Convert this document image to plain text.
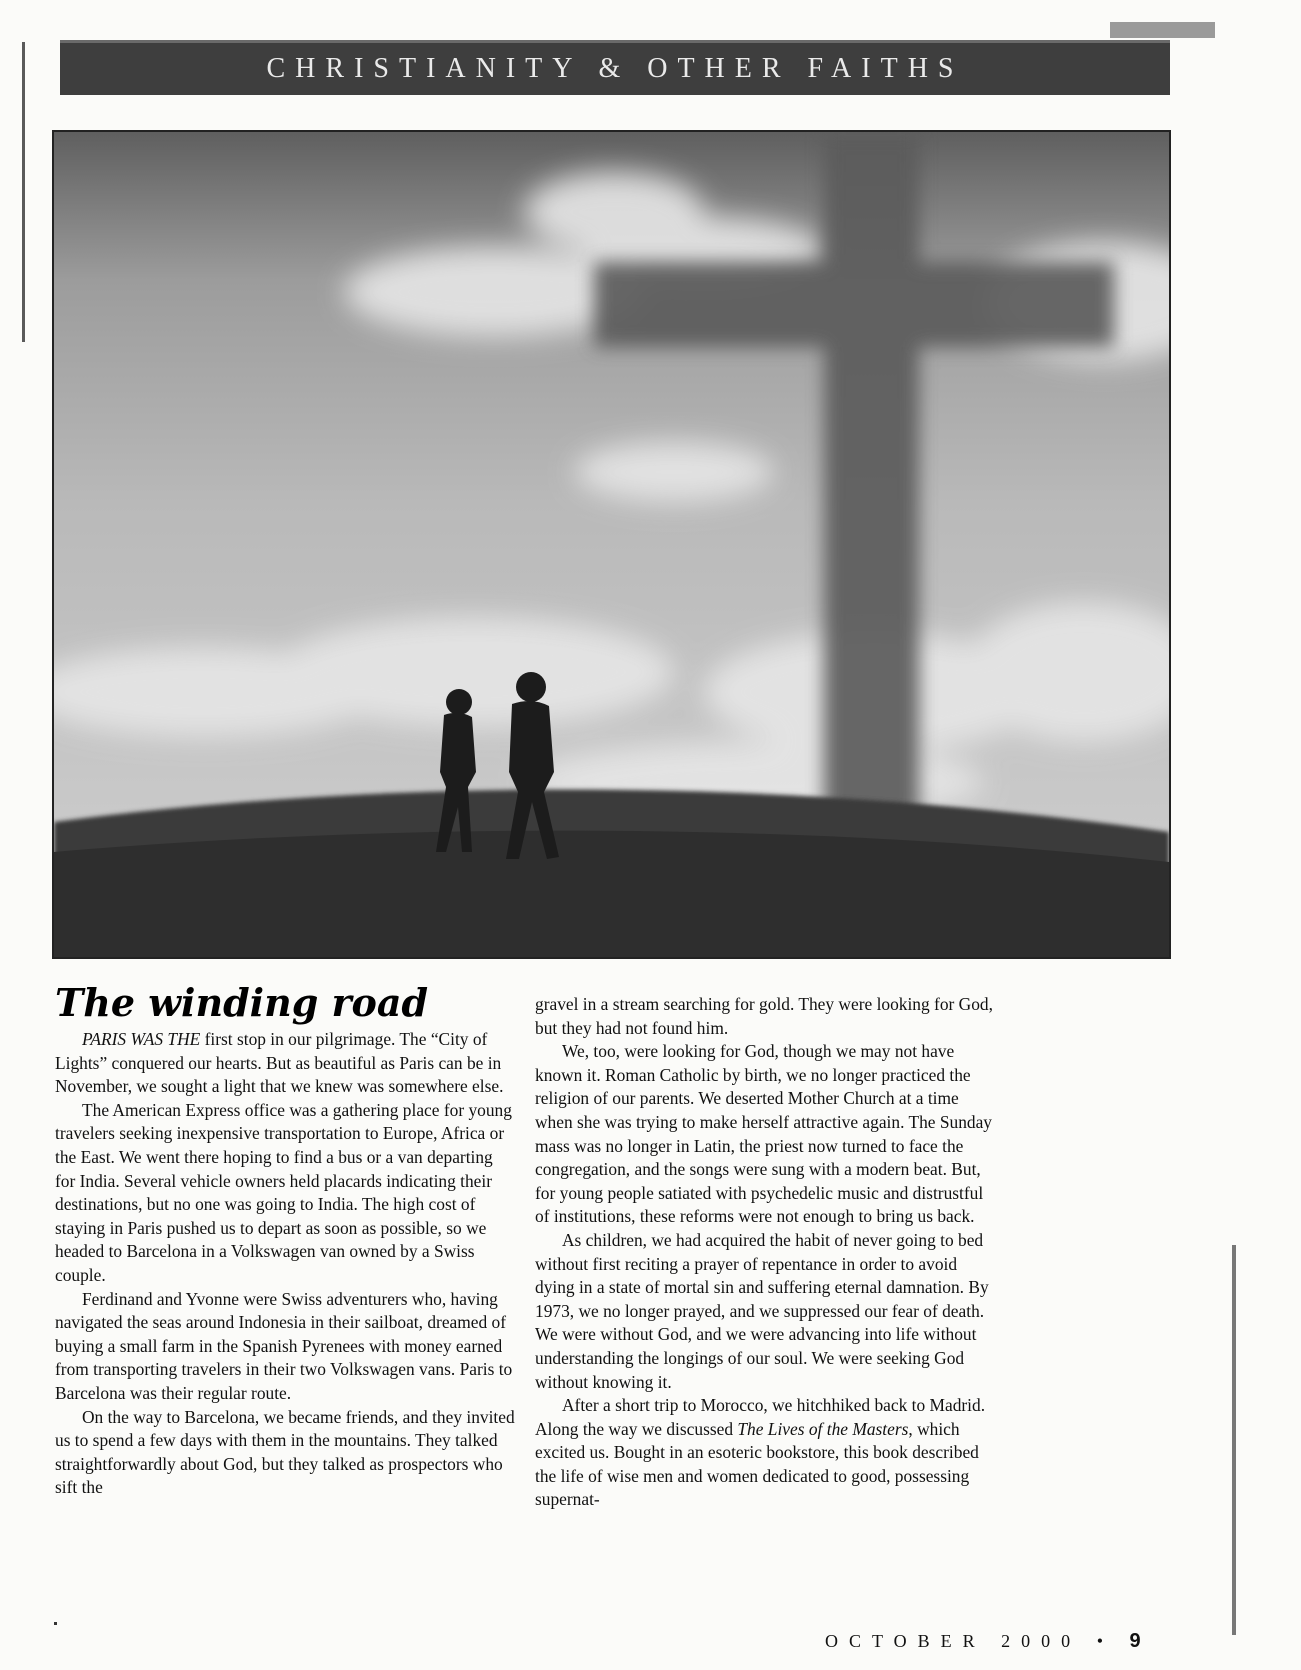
CHRISTIANITY & OTHER FAITHS
The winding road

PARIS WAS THE first stop in our pilgrimage. The “City of Lights” conquered our hearts. But as beautiful as Paris can be in November, we sought a light that we knew was somewhere else.

The American Express office was a gathering place for young travelers seeking inexpensive transportation to Europe, Africa or the East. We went there hoping to find a bus or a van departing for India. Several vehicle owners held placards indicating their destinations, but no one was going to India. The high cost of staying in Paris pushed us to depart as soon as possible, so we headed to Barcelona in a Volkswagen van owned by a Swiss couple.

Ferdinand and Yvonne were Swiss adventurers who, having navigated the seas around Indonesia in their sailboat, dreamed of buying a small farm in the Spanish Pyrenees with money earned from transporting travelers in their two Volkswagen vans. Paris to Barcelona was their regular route.

On the way to Barcelona, we became friends, and they invited us to spend a few days with them in the mountains. They talked straightforwardly about God, but they talked as prospectors who sift the

gravel in a stream searching for gold. They were looking for God, but they had not found him.

We, too, were looking for God, though we may not have known it. Roman Catholic by birth, we no longer practiced the religion of our parents. We deserted Mother Church at a time when she was trying to make herself attractive again. The Sunday mass was no longer in Latin, the priest now turned to face the congregation, and the songs were sung with a modern beat. But, for young people satiated with psychedelic music and distrustful of institutions, these reforms were not enough to bring us back.

As children, we had acquired the habit of never going to bed without first reciting a prayer of repentance in order to avoid dying in a state of mortal sin and suffering eternal damnation. By 1973, we no longer prayed, and we suppressed our fear of death. We were without God, and we were advancing into life without understanding the longings of our soul. We were seeking God without knowing it.

After a short trip to Morocco, we hitchhiked back to Madrid. Along the way we discussed The Lives of the Masters, which excited us. Bought in an esoteric bookstore, this book described the life of wise men and women dedicated to good, possessing supernat-

OCTOBER 2000 • 9
